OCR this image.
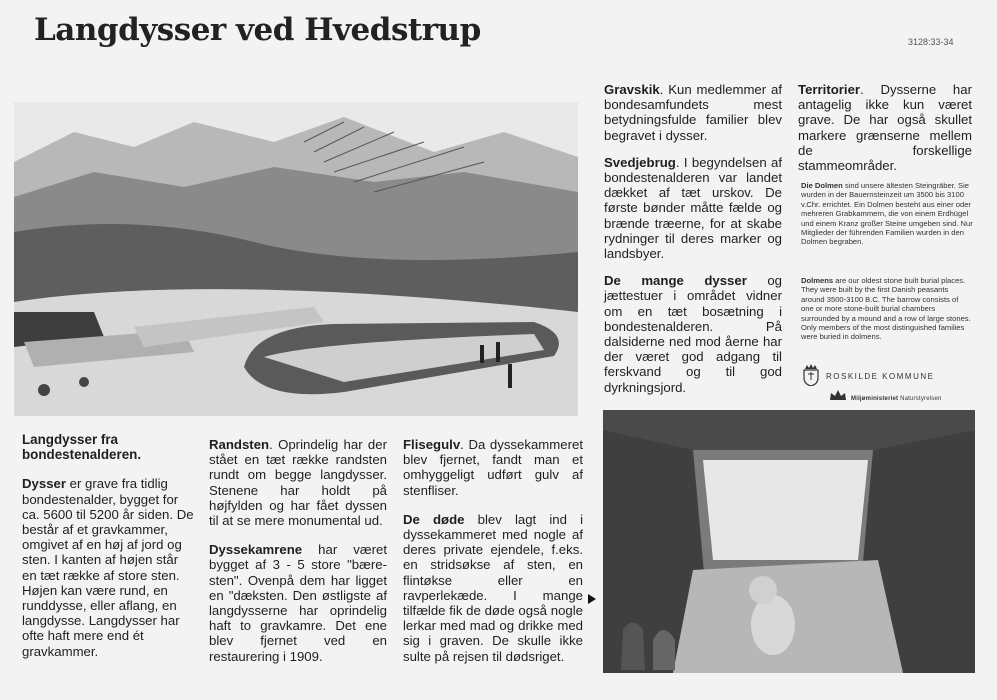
Langdysser ved Hvedstrup	3128:33-34

Langdysser fra bondestenalderen.

Dysser er grave fra tidlig bondestenalder, bygget for ca. 5600 til 5200 år siden. De består af et gravkammer, omgivet af en høj af jord og sten. I kanten af højen står en tæt række af store sten. Højen kan være rund, en runddysse, eller aflang, en langdysse. Langdysser har ofte haft mere end ét gravkammer.

Randsten. Oprindelig har der stået en tæt række randsten rundt om begge langdysser. Stenene har holdt på højfylden og har fået dyssen til at se mere monumental ud.

Dyssekamrene har været bygget af 3 - 5 store "bære-sten". Ovenpå dem har ligget en "dæksten. Den østligste af langdysserne har oprindelig haft to gravkamre. Det ene blev fjernet ved en restaurering i 1909.

Flisegulv. Da dyssekammeret blev fjernet, fandt man et omhyggeligt udført gulv af stenfliser.

De døde blev lagt ind i dyssekammeret med nogle af deres private ejendele, f.eks. en stridsøkse af sten, en flintøkse eller en ravperlekæde. I mange tilfælde fik de døde også nogle lerkar med mad og drikke med sig i graven. De skulle ikke sulte på rejsen til dødsriget.

Gravskik. Kun medlemmer af bondesamfundets mest betydningsfulde familier blev begravet i dysser.

Svedjebrug. I begyndelsen af bondestenalderen var landet dækket af tæt urskov. De første bønder måtte fælde og brænde træerne, for at skabe rydninger til deres marker og landsbyer.

De mange dysser og jættestuer i området vidner om en tæt bosætning i bondestenalderen. På dalsiderne ned mod åerne har der været god adgang til ferskvand og til god dyrkningsjord.

Territorier. Dysserne har antagelig ikke kun været grave. De har også skullet markere grænserne mellem de forskellige stammeområder.

Die Dolmen sind unsere ältesten Steingräber. Sie wurden in der Bauernsteinzeit um 3500 bis 3100 v.Chr. errichtet. Ein Dolmen besteht aus einer oder mehreren Grabkammern, die von einem Erdhügel und einem Kranz großer Steine umgeben sind. Nur Mitglieder der führenden Familien wurden in den Dolmen begraben.

Dolmens are our oldest stone built burial places. They were built by the first Danish peasants around 3500-3100 B.C. The barrow consists of one or more stone-built burial chambers surrounded by a mound and a row of large stones. Only members of the most distinguished families were buried in dolmens.

ROSKILDE KOMMUNE
Miljøministeriet Naturstyrelsen
